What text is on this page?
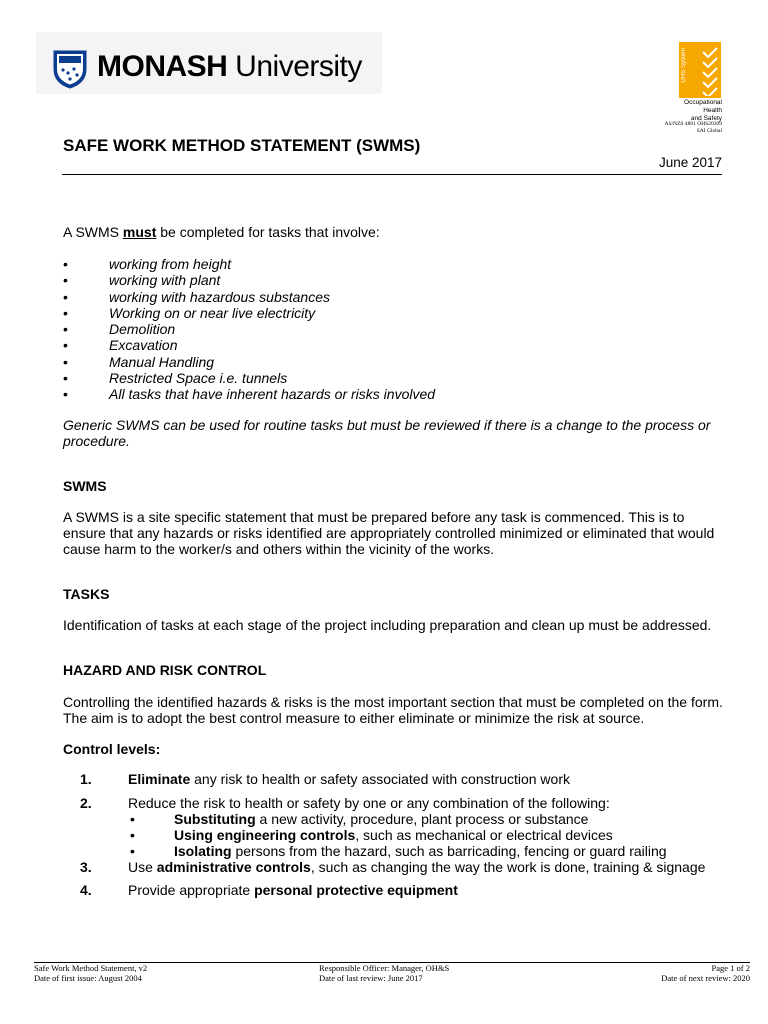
MONASH University	OHS System
Occupational
Health
and Safety
AS/NZS 4801 OHS20309
SAI Global
SAFE WORK METHOD STATEMENT (SWMS)
June 2017
A SWMS must be completed for tasks that involve:
•	working from height
•	working with plant
•	working with hazardous substances
•	Working on or near live electricity
•	Demolition
•	Excavation
•	Manual Handling
•	Restricted Space i.e. tunnels
•	All tasks that have inherent hazards or risks involved
Generic SWMS can be used for routine tasks but must be reviewed if there is a change to the process or procedure.
SWMS
A SWMS is a site specific statement that must be prepared before any task is commenced. This is to ensure that any hazards or risks identified are appropriately controlled minimized or eliminated that would cause harm to the worker/s and others within the vicinity of the works.
TASKS
Identification of tasks at each stage of the project including preparation and clean up must be addressed.
HAZARD AND RISK CONTROL
Controlling the identified hazards & risks is the most important section that must be completed on the form. The aim is to adopt the best control measure to either eliminate or minimize the risk at source.
Control levels:
1.	Eliminate any risk to health or safety associated with construction work
2.	Reduce the risk to health or safety by one or any combination of the following:
•	Substituting a new activity, procedure, plant process or substance
•	Using engineering controls, such as mechanical or electrical devices
•	Isolating persons from the hazard, such as barricading, fencing or guard railing
3.	Use administrative controls, such as changing the way the work is done, training & signage
4.	Provide appropriate personal protective equipment
Safe Work Method Statement, v2
Date of first issue: August 2004
Responsible Officer: Manager, OH&S
Date of last review: June 2017
Page 1 of 2
Date of next review: 2020
